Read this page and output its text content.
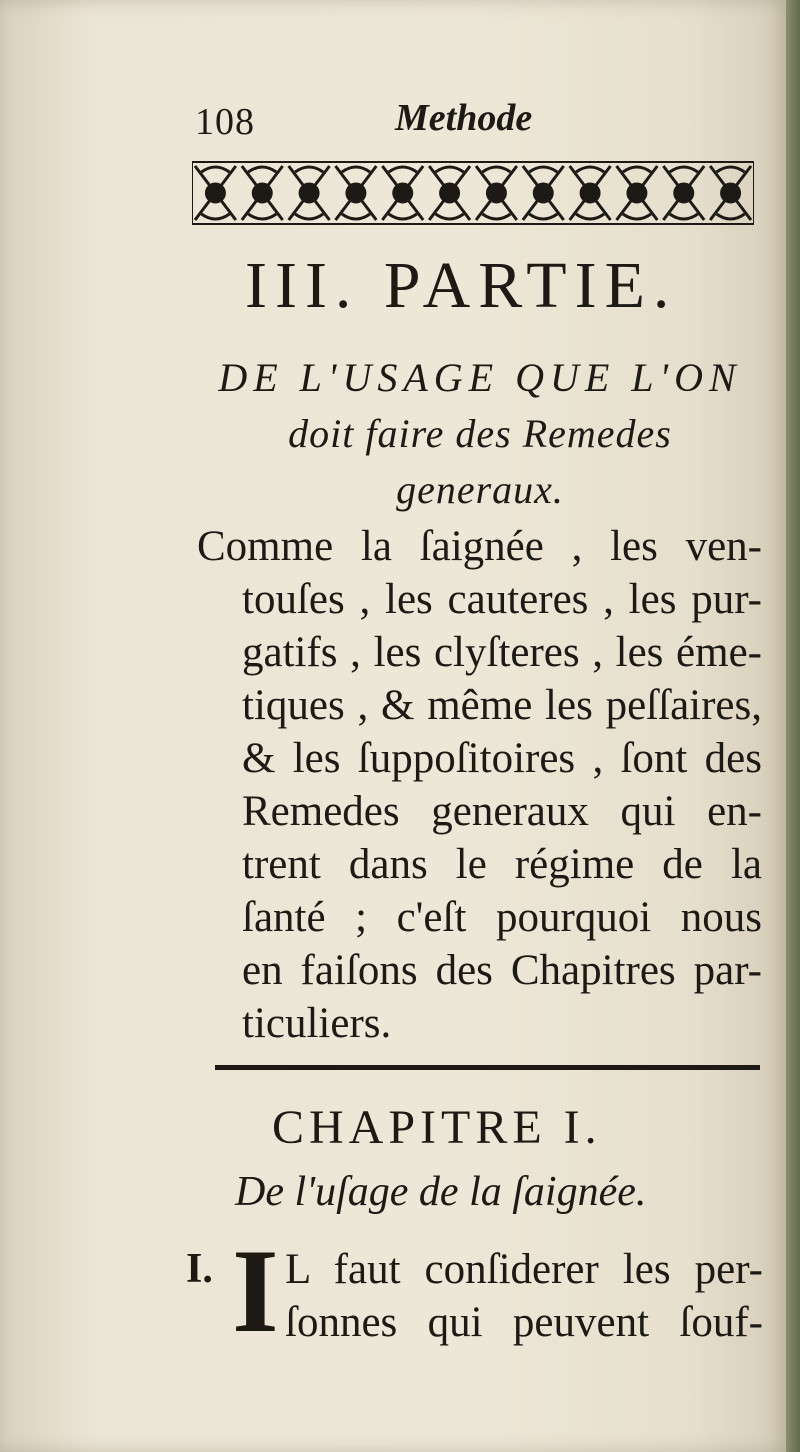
108	Methode
III. PARTIE.
DE L'USAGE QUE L'ON
doit faire des Remedes
generaux.
Comme la ſaignée , les ven-
touſes , les cauteres , les pur-
gatifs , les clyſteres , les éme-
tiques , & même les peſſaires,
& les ſuppoſitoires , ſont des
Remedes generaux qui en-
trent dans le régime de la
ſanté ; c'eſt pourquoi nous
en faiſons des Chapitres par-
ticuliers.
CHAPITRE I.
De l'uſage de la ſaignée.
I. I L faut conſiderer les per-
ſonnes qui peuvent ſouf-
